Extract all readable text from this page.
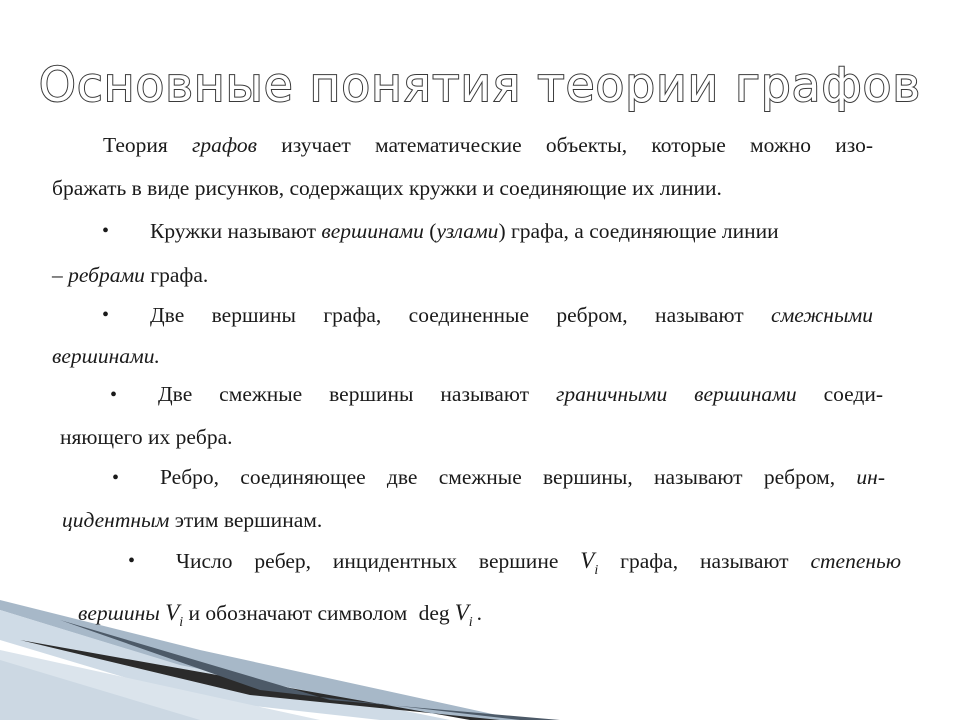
Основные понятия теории графов
Теория графов изучает математические объекты, которые можно изо-
бражать в виде рисунков, содержащих кружки и соединяющие их линии.
• Кружки называют вершинами (узлами) графа, а соединяющие линии
– ребрами графа.
• Две вершины графа, соединенные ребром, называют смежными
вершинами.
• Две смежные вершины называют граничными вершинами соеди-
няющего их ребра.
• Ребро, соединяющее две смежные вершины, называют ребром, ин-
цидентным этим вершинам.
• Число ребер, инцидентных вершине $V_i$ графа, называют степенью
вершины $V_i$ и обозначают символом deg $V_i$ .
